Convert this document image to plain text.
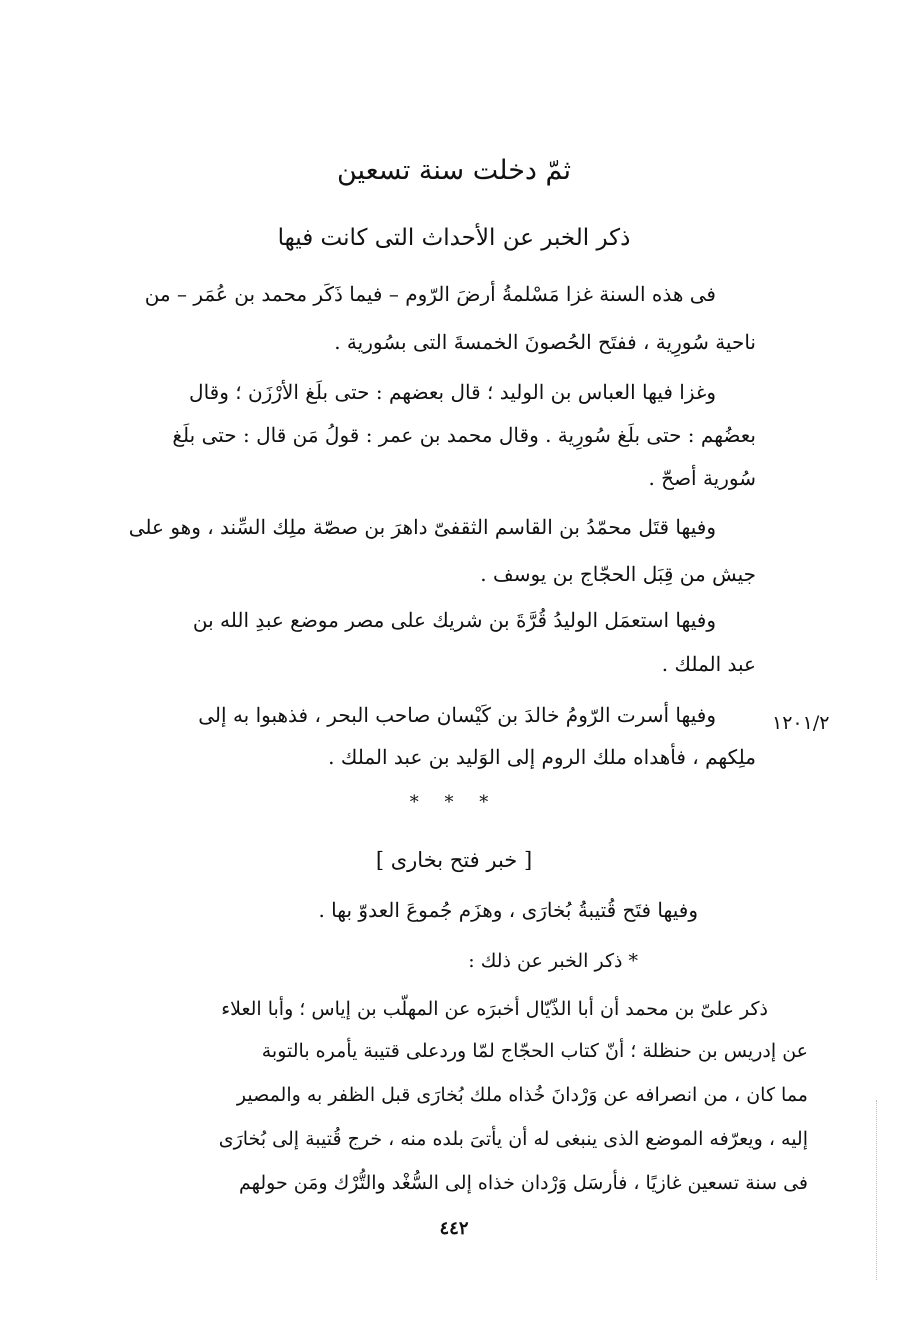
ثمّ دخلت سنة تسعين
ذكر الخبر عن الأحداث التى كانت فيها
فى هذه السنة غزا مَسْلمةُ أرضَ الرّوم – فيما ذَكَر محمد بن عُمَر – من
ناحية سُورِية ، ففتَح الحُصونَ الخمسةَ التى بسُورية .
وغزا فيها العباس بن الوليد ؛ قال بعضهم : حتى بلَغ الأرْزَن ؛ وقال
بعضُهم : حتى بلَغ سُورِية . وقال محمد بن عمر : قولُ مَن قال : حتى بلَغ
سُورية أصحّ .
وفيها قتَل محمّدُ بن القاسم الثقفىّ داهرَ بن صصّة ملِك السِّند ، وهو على
جيش من قِبَل الحجّاج بن يوسف .
وفيها استعمَل الوليدُ قُرَّةَ بن شريك على مصر موضع عبدِ الله بن
عبد الملك .
وفيها أسرت الرّومُ خالدَ بن كَيْسان صاحب البحر ، فذهبوا به إلى
ملِكهم ، فأهداه ملك الروم إلى الوَليد بن عبد الملك .
١٢٠١/٢
* * *
[ خبر فتح بخارى ]
وفيها فتَح قُتيبةُ بُخارَى ، وهزَم جُموعَ العدوّ بها .
* ذكر الخبر عن ذلك :
ذكر علىّ بن محمد أن أبا الذّيّال أخبرَه عن المهلّب بن إياس ؛ وأبا العلاء
عن إدريس بن حنظلة ؛ أنّ كتاب الحجّاج لمّا وردعلى قتيبة يأمره بالتوبة
مما كان ، من انصرافه عن وَرْدانَ خُذاه ملك بُخارَى قبل الظفر به والمصير
إليه ، ويعرّفه الموضع الذى ينبغى له أن يأتىَ بلده منه ، خرج قُتيبة إلى بُخارَى
فى سنة تسعين غازيًا ، فأرسَل وَرْدان خذاه إلى السُّغْد والتُّرْك ومَن حولهم
٤٤٢
